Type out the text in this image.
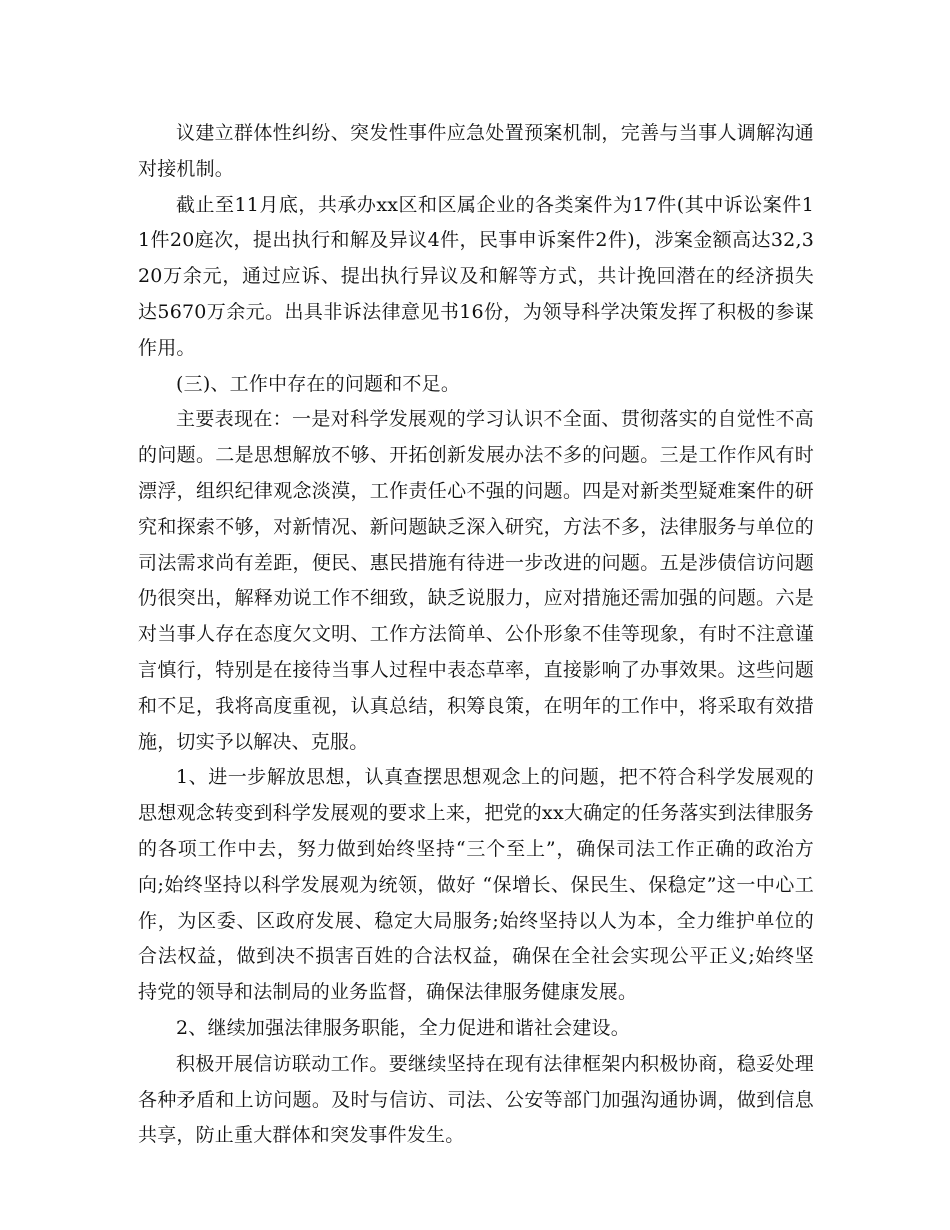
议建立群体性纠纷、突发性事件应急处置预案机制，完善与当事人调解沟通对接机制。

截止至11月底，共承办xx区和区属企业的各类案件为17件(其中诉讼案件11件20庭次，提出执行和解及异议4件，民事申诉案件2件)，涉案金额高达32,320万余元，通过应诉、提出执行异议及和解等方式，共计挽回潜在的经济损失达5670万余元。出具非诉法律意见书16份，为领导科学决策发挥了积极的参谋作用。

(三)、工作中存在的问题和不足。

主要表现在：一是对科学发展观的学习认识不全面、贯彻落实的自觉性不高的问题。二是思想解放不够、开拓创新发展办法不多的问题。三是工作作风有时漂浮，组织纪律观念淡漠，工作责任心不强的问题。四是对新类型疑难案件的研究和探索不够，对新情况、新问题缺乏深入研究，方法不多，法律服务与单位的司法需求尚有差距，便民、惠民措施有待进一步改进的问题。五是涉债信访问题仍很突出，解释劝说工作不细致，缺乏说服力，应对措施还需加强的问题。六是对当事人存在态度欠文明、工作方法简单、公仆形象不佳等现象，有时不注意谨言慎行，特别是在接待当事人过程中表态草率，直接影响了办事效果。这些问题和不足，我将高度重视，认真总结，积筹良策，在明年的工作中，将采取有效措施，切实予以解决、克服。

1、进一步解放思想，认真查摆思想观念上的问题，把不符合科学发展观的思想观念转变到科学发展观的要求上来，把党的xx大确定的任务落实到法律服务的各项工作中去，努力做到始终坚持“三个至上”，确保司法工作正确的政治方向;始终坚持以科学发展观为统领，做好 “保增长、保民生、保稳定”这一中心工作，为区委、区政府发展、稳定大局服务;始终坚持以人为本，全力维护单位的合法权益，做到决不损害百姓的合法权益，确保在全社会实现公平正义;始终坚持党的领导和法制局的业务监督，确保法律服务健康发展。

2、继续加强法律服务职能，全力促进和谐社会建设。

积极开展信访联动工作。要继续坚持在现有法律框架内积极协商，稳妥处理各种矛盾和上访问题。及时与信访、司法、公安等部门加强沟通协调，做到信息共享，防止重大群体和突发事件发生。
